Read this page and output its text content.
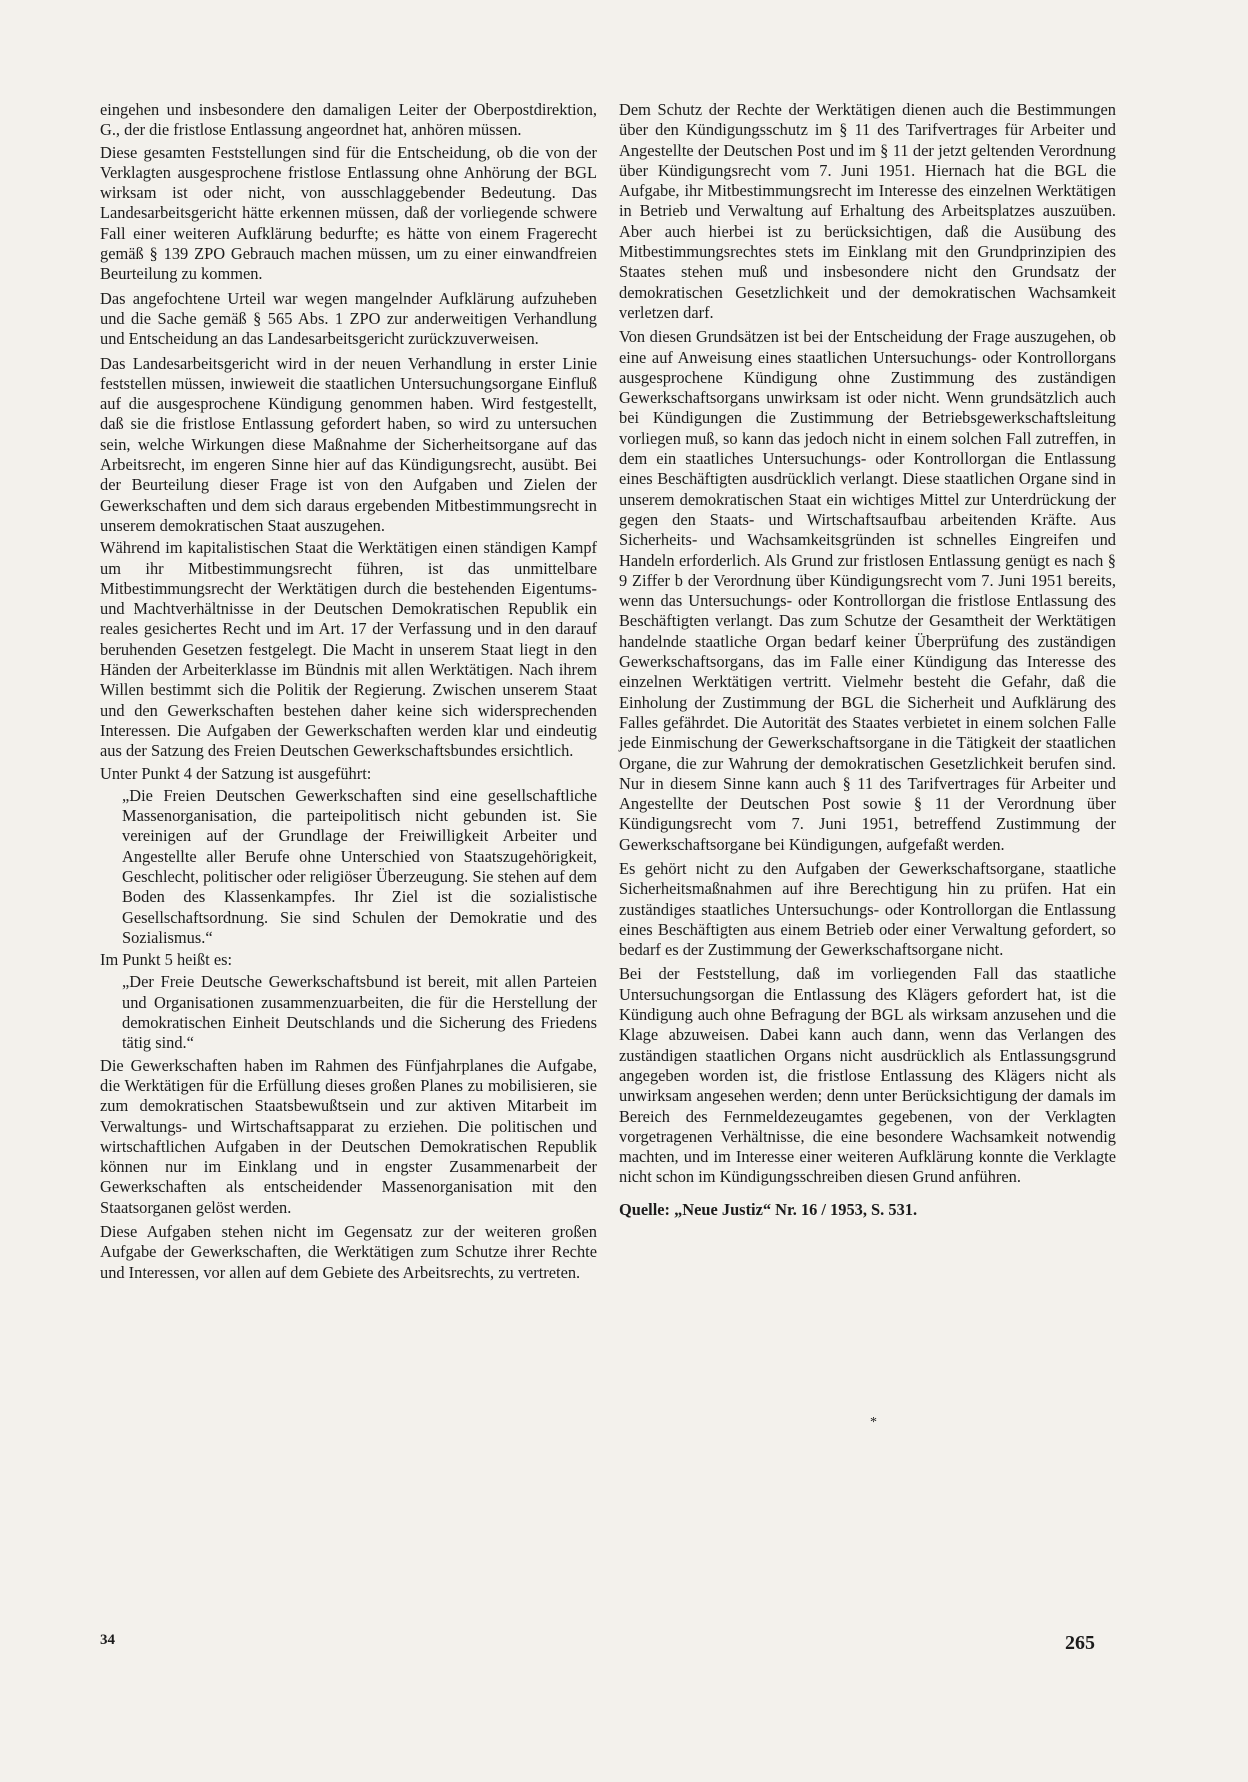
eingehen und insbesondere den damaligen Leiter der Oberpostdirektion, G., der die fristlose Entlassung angeordnet hat, anhören müssen.

Diese gesamten Feststellungen sind für die Entscheidung, ob die von der Verklagten ausgesprochene fristlose Entlassung ohne Anhörung der BGL wirksam ist oder nicht, von ausschlaggebender Bedeutung. Das Landesarbeitsgericht hätte erkennen müssen, daß der vorliegende schwere Fall einer weiteren Aufklärung bedurfte; es hätte von einem Fragerecht gemäß § 139 ZPO Gebrauch machen müssen, um zu einer einwandfreien Beurteilung zu kommen.

Das angefochtene Urteil war wegen mangelnder Aufklärung aufzuheben und die Sache gemäß § 565 Abs. 1 ZPO zur anderweitigen Verhandlung und Entscheidung an das Landesarbeitsgericht zurückzuverweisen.

Das Landesarbeitsgericht wird in der neuen Verhandlung in erster Linie feststellen müssen, inwieweit die staatlichen Untersuchungsorgane Einfluß auf die ausgesprochene Kündigung genommen haben. Wird festgestellt, daß sie die fristlose Entlassung gefordert haben, so wird zu untersuchen sein, welche Wirkungen diese Maßnahme der Sicherheitsorgane auf das Arbeitsrecht, im engeren Sinne hier auf das Kündigungsrecht, ausübt. Bei der Beurteilung dieser Frage ist von den Aufgaben und Zielen der Gewerkschaften und dem sich daraus ergebenden Mitbestimmungsrecht in unserem demokratischen Staat auszugehen.

Während im kapitalistischen Staat die Werktätigen einen ständigen Kampf um ihr Mitbestimmungsrecht führen, ist das unmittelbare Mitbestimmungsrecht der Werktätigen durch die bestehenden Eigentums- und Machtverhältnisse in der Deutschen Demokratischen Republik ein reales gesichertes Recht und im Art. 17 der Verfassung und in den darauf beruhenden Gesetzen festgelegt. Die Macht in unserem Staat liegt in den Händen der Arbeiterklasse im Bündnis mit allen Werktätigen. Nach ihrem Willen bestimmt sich die Politik der Regierung. Zwischen unserem Staat und den Gewerkschaften bestehen daher keine sich widersprechenden Interessen. Die Aufgaben der Gewerkschaften werden klar und eindeutig aus der Satzung des Freien Deutschen Gewerkschaftsbundes ersichtlich.

Unter Punkt 4 der Satzung ist ausgeführt:

„Die Freien Deutschen Gewerkschaften sind eine gesellschaftliche Massenorganisation, die parteipolitisch nicht gebunden ist. Sie vereinigen auf der Grundlage der Freiwilligkeit Arbeiter und Angestellte aller Berufe ohne Unterschied von Staatszugehörigkeit, Geschlecht, politischer oder religiöser Überzeugung. Sie stehen auf dem Boden des Klassenkampfes. Ihr Ziel ist die sozialistische Gesellschaftsordnung. Sie sind Schulen der Demokratie und des Sozialismus.“

Im Punkt 5 heißt es:

„Der Freie Deutsche Gewerkschaftsbund ist bereit, mit allen Parteien und Organisationen zusammenzuarbeiten, die für die Herstellung der demokratischen Einheit Deutschlands und die Sicherung des Friedens tätig sind.“

Die Gewerkschaften haben im Rahmen des Fünfjahrplanes die Aufgabe, die Werktätigen für die Erfüllung dieses großen Planes zu mobilisieren, sie zum demokratischen Staatsbewußtsein und zur aktiven Mitarbeit im Verwaltungs- und Wirtschaftsapparat zu erziehen. Die politischen und wirtschaftlichen Aufgaben in der Deutschen Demokratischen Republik können nur im Einklang und in engster Zusammenarbeit der Gewerkschaften als entscheidender Massenorganisation mit den Staatsorganen gelöst werden.

Diese Aufgaben stehen nicht im Gegensatz zur der weiteren großen Aufgabe der Gewerkschaften, die Werktätigen zum Schutze ihrer Rechte und Interessen, vor allen auf dem Gebiete des Arbeitsrechts, zu vertreten.

Dem Schutz der Rechte der Werktätigen dienen auch die Bestimmungen über den Kündigungsschutz im § 11 des Tarifvertrages für Arbeiter und Angestellte der Deutschen Post und im § 11 der jetzt geltenden Verordnung über Kündigungsrecht vom 7. Juni 1951. Hiernach hat die BGL die Aufgabe, ihr Mitbestimmungsrecht im Interesse des einzelnen Werktätigen in Betrieb und Verwaltung auf Erhaltung des Arbeitsplatzes auszuüben. Aber auch hierbei ist zu berücksichtigen, daß die Ausübung des Mitbestimmungsrechtes stets im Einklang mit den Grundprinzipien des Staates stehen muß und insbesondere nicht den Grundsatz der demokratischen Gesetzlichkeit und der demokratischen Wachsamkeit verletzen darf.

Von diesen Grundsätzen ist bei der Entscheidung der Frage auszugehen, ob eine auf Anweisung eines staatlichen Untersuchungs- oder Kontrollorgans ausgesprochene Kündigung ohne Zustimmung des zuständigen Gewerkschaftsorgans unwirksam ist oder nicht. Wenn grundsätzlich auch bei Kündigungen die Zustimmung der Betriebsgewerkschaftsleitung vorliegen muß, so kann das jedoch nicht in einem solchen Fall zutreffen, in dem ein staatliches Untersuchungs- oder Kontrollorgan die Entlassung eines Beschäftigten ausdrücklich verlangt. Diese staatlichen Organe sind in unserem demokratischen Staat ein wichtiges Mittel zur Unterdrückung der gegen den Staats- und Wirtschaftsaufbau arbeitenden Kräfte. Aus Sicherheits- und Wachsamkeitsgründen ist schnelles Eingreifen und Handeln erforderlich. Als Grund zur fristlosen Entlassung genügt es nach § 9 Ziffer b der Verordnung über Kündigungsrecht vom 7. Juni 1951 bereits, wenn das Untersuchungs- oder Kontrollorgan die fristlose Entlassung des Beschäftigten verlangt. Das zum Schutze der Gesamtheit der Werktätigen handelnde staatliche Organ bedarf keiner Überprüfung des zuständigen Gewerkschaftsorgans, das im Falle einer Kündigung das Interesse des einzelnen Werktätigen vertritt. Vielmehr besteht die Gefahr, daß die Einholung der Zustimmung der BGL die Sicherheit und Aufklärung des Falles gefährdet. Die Autorität des Staates verbietet in einem solchen Falle jede Einmischung der Gewerkschaftsorgane in die Tätigkeit der staatlichen Organe, die zur Wahrung der demokratischen Gesetzlichkeit berufen sind. Nur in diesem Sinne kann auch § 11 des Tarifvertrages für Arbeiter und Angestellte der Deutschen Post sowie § 11 der Verordnung über Kündigungsrecht vom 7. Juni 1951, betreffend Zustimmung der Gewerkschaftsorgane bei Kündigungen, aufgefaßt werden.

Es gehört nicht zu den Aufgaben der Gewerkschaftsorgane, staatliche Sicherheitsmaßnahmen auf ihre Berechtigung hin zu prüfen. Hat ein zuständiges staatliches Untersuchungs- oder Kontrollorgan die Entlassung eines Beschäftigten aus einem Betrieb oder einer Verwaltung gefordert, so bedarf es der Zustimmung der Gewerkschaftsorgane nicht.

Bei der Feststellung, daß im vorliegenden Fall das staatliche Untersuchungsorgan die Entlassung des Klägers gefordert hat, ist die Kündigung auch ohne Befragung der BGL als wirksam anzusehen und die Klage abzuweisen. Dabei kann auch dann, wenn das Verlangen des zuständigen staatlichen Organs nicht ausdrücklich als Entlassungsgrund angegeben worden ist, die fristlose Entlassung des Klägers nicht als unwirksam angesehen werden; denn unter Berücksichtigung der damals im Bereich des Fernmeldezeugamtes gegebenen, von der Verklagten vorgetragenen Verhältnisse, die eine besondere Wachsamkeit notwendig machten, und im Interesse einer weiteren Aufklärung konnte die Verklagte nicht schon im Kündigungsschreiben diesen Grund anführen.

Quelle: „Neue Justiz“ Nr. 16 / 1953, S. 531.

*
34	265
